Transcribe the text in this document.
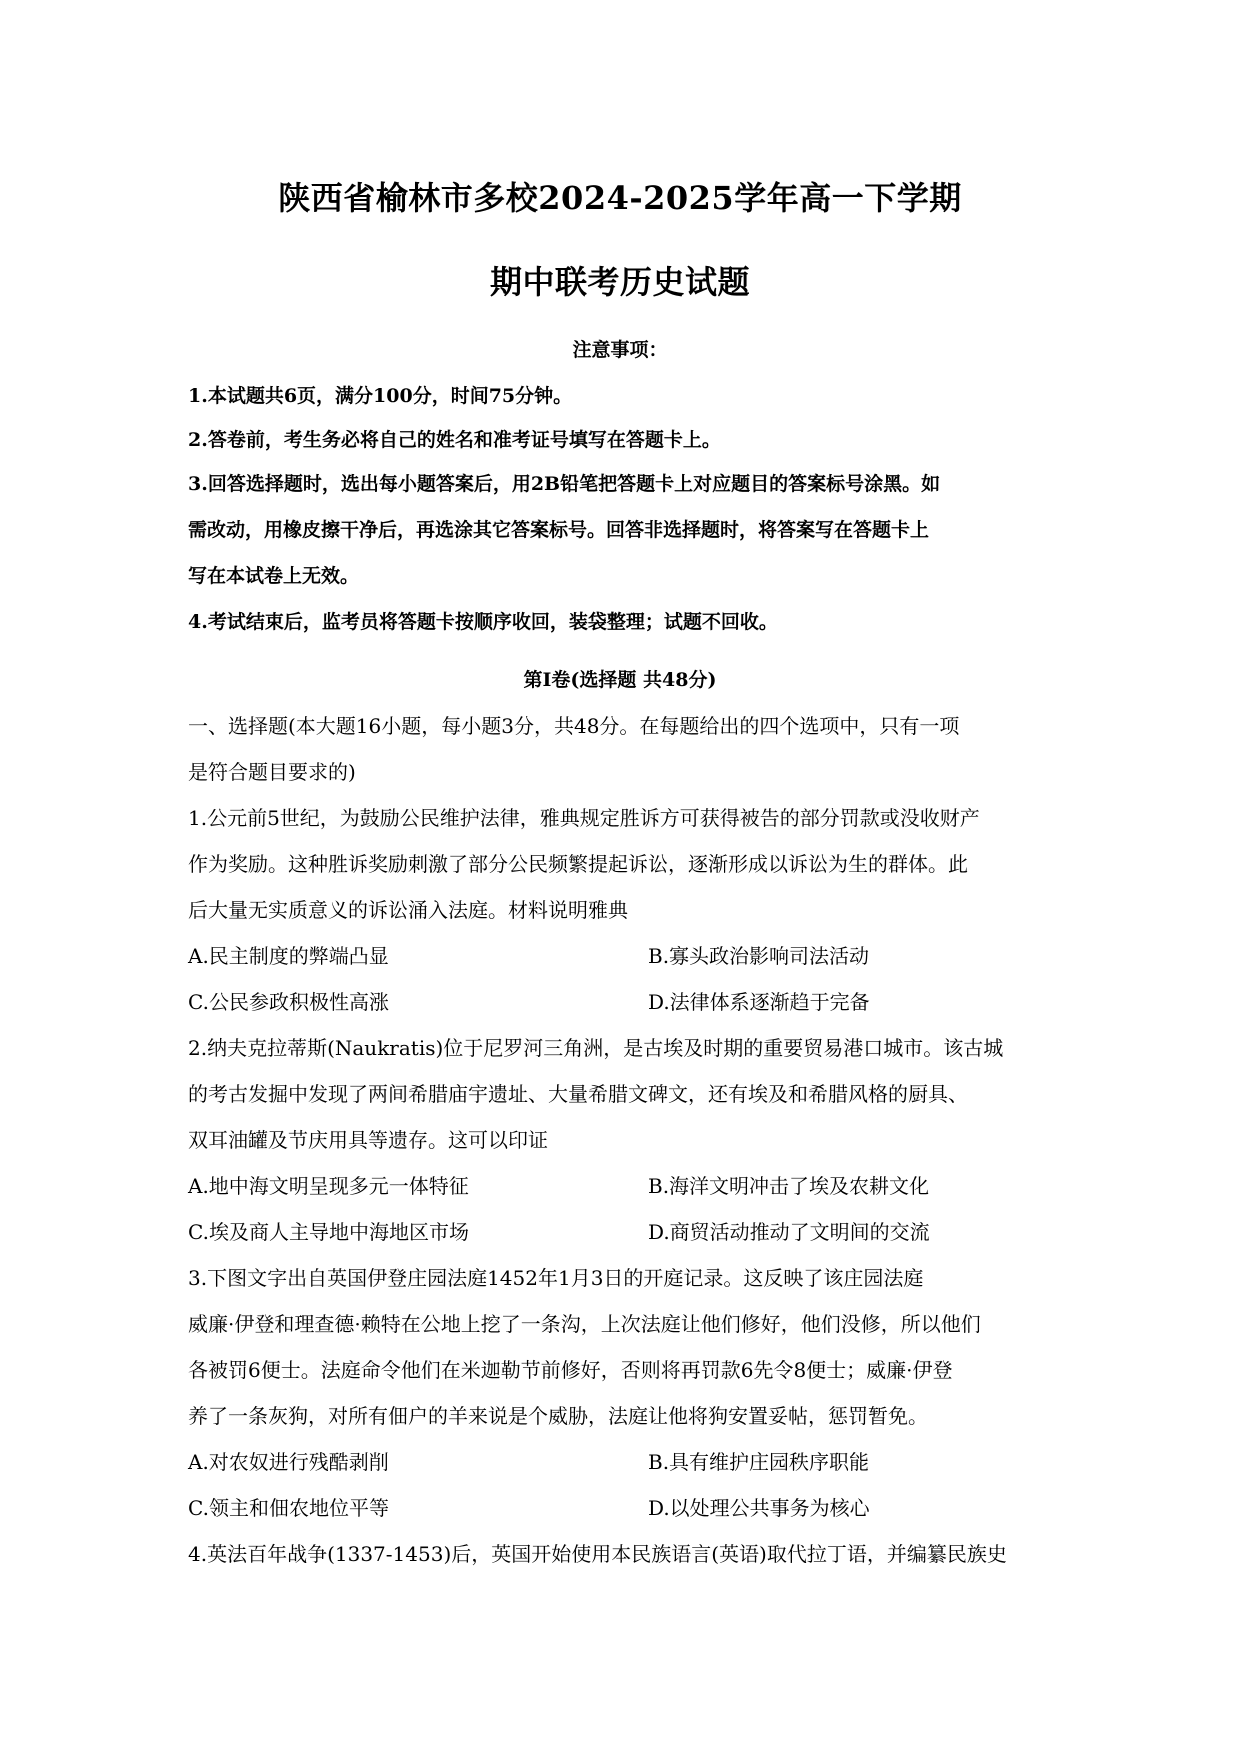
陕西省榆林市多校2024-2025学年高一下学期
期中联考历史试题
注意事项：
1.本试题共6页，满分100分，时间75分钟。
2.答卷前，考生务必将自己的姓名和准考证号填写在答题卡上。
3.回答选择题时，选出每小题答案后，用2B铅笔把答题卡上对应题目的答案标号涂黑。如
需改动，用橡皮擦干净后，再选涂其它答案标号。回答非选择题时，将答案写在答题卡上
写在本试卷上无效。
4.考试结束后，监考员将答题卡按顺序收回，装袋整理；试题不回收。
第Ⅰ卷(选择题 共48分)
一、选择题(本大题16小题，每小题3分，共48分。在每题给出的四个选项中，只有一项
是符合题目要求的)
1.公元前5世纪，为鼓励公民维护法律，雅典规定胜诉方可获得被告的部分罚款或没收财产
作为奖励。这种胜诉奖励刺激了部分公民频繁提起诉讼，逐渐形成以诉讼为生的群体。此
后大量无实质意义的诉讼涌入法庭。材料说明雅典
A.民主制度的弊端凸显	B.寡头政治影响司法活动
C.公民参政积极性高涨	D.法律体系逐渐趋于完备
2.纳夫克拉蒂斯(Naukratis)位于尼罗河三角洲，是古埃及时期的重要贸易港口城市。该古城
的考古发掘中发现了两间希腊庙宇遗址、大量希腊文碑文，还有埃及和希腊风格的厨具、
双耳油罐及节庆用具等遗存。这可以印证
A.地中海文明呈现多元一体特征	B.海洋文明冲击了埃及农耕文化
C.埃及商人主导地中海地区市场	D.商贸活动推动了文明间的交流
3.下图文字出自英国伊登庄园法庭1452年1月3日的开庭记录。这反映了该庄园法庭
威廉·伊登和理查德·赖特在公地上挖了一条沟，上次法庭让他们修好，他们没修，所以他们
各被罚6便士。法庭命令他们在米迦勒节前修好，否则将再罚款6先令8便士；威廉·伊登
养了一条灰狗，对所有佃户的羊来说是个威胁，法庭让他将狗安置妥帖，惩罚暂免。
A.对农奴进行残酷剥削	B.具有维护庄园秩序职能
C.领主和佃农地位平等	D.以处理公共事务为核心
4.英法百年战争(1337-1453)后，英国开始使用本民族语言(英语)取代拉丁语，并编纂民族史
